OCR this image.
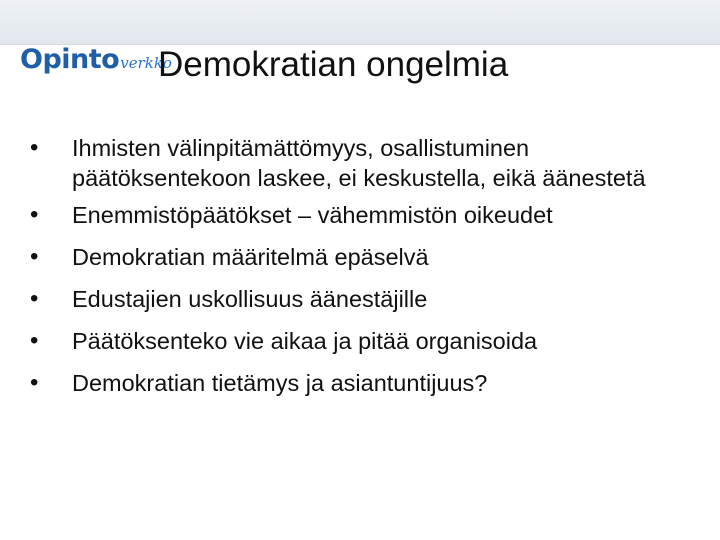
Opintoverkko
Demokratian ongelmia
• Ihmisten välinpitämättömyys, osallistuminen päätöksentekoon laskee, ei keskustella, eikä äänestetä
• Enemmistöpäätökset – vähemmistön oikeudet
• Demokratian määritelmä epäselvä
• Edustajien uskollisuus äänestäjille
• Päätöksenteko vie aikaa ja pitää organisoida
• Demokratian tietämys ja asiantuntijuus?
